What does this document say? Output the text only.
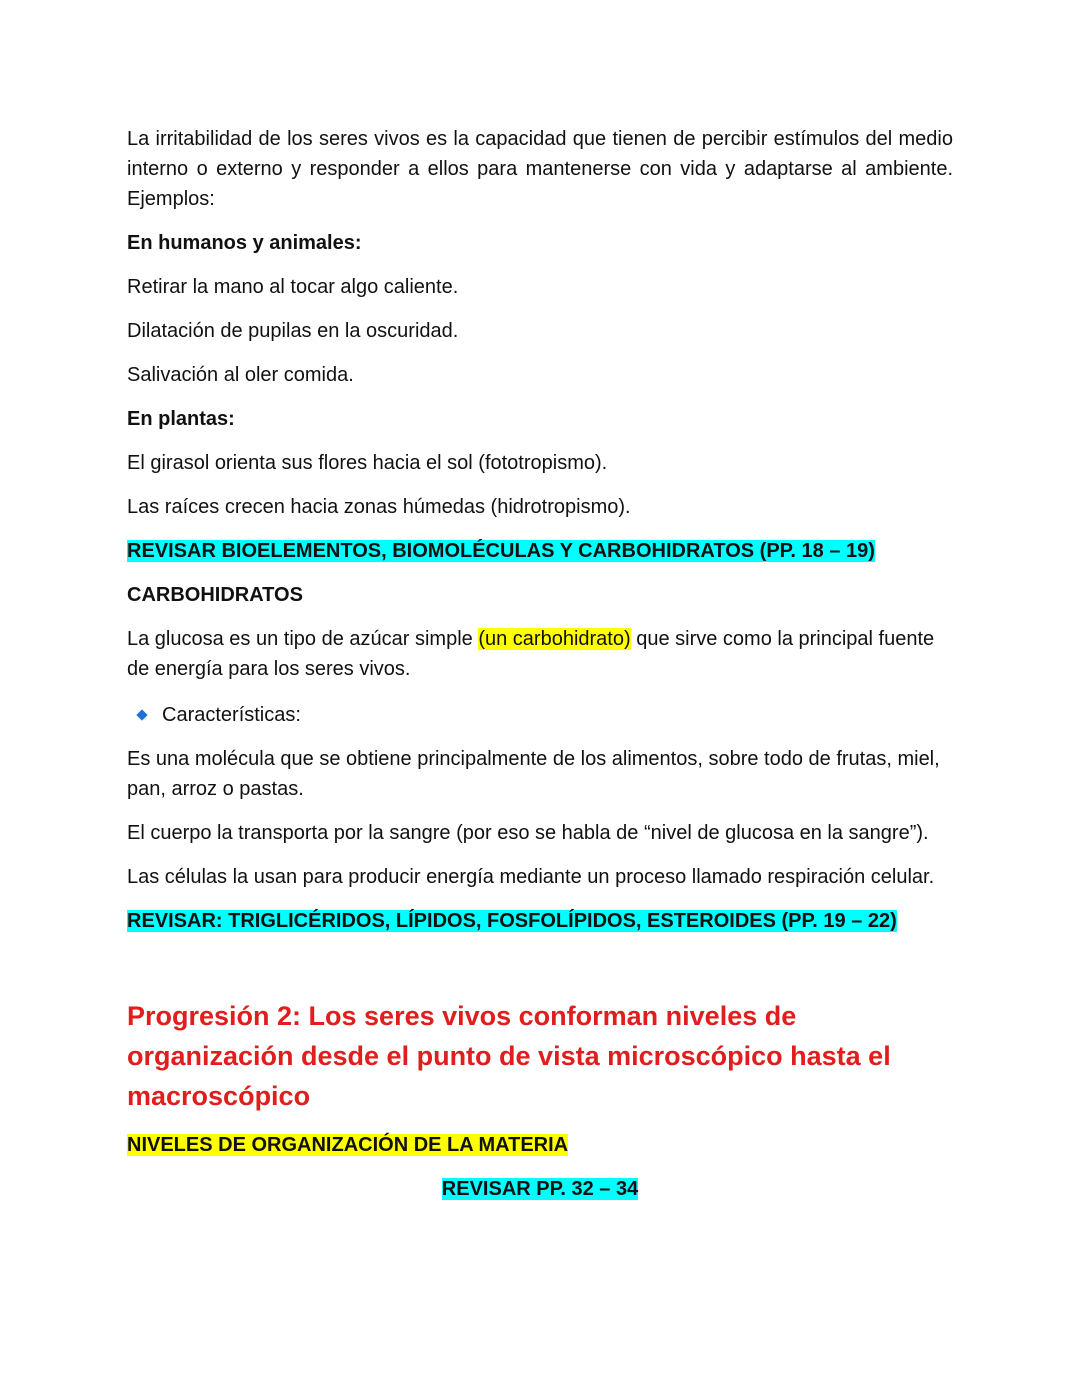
La irritabilidad de los seres vivos es la capacidad que tienen de percibir estímulos del medio interno o externo y responder a ellos para mantenerse con vida y adaptarse al ambiente. Ejemplos:

En humanos y animales:

Retirar la mano al tocar algo caliente.

Dilatación de pupilas en la oscuridad.

Salivación al oler comida.

En plantas:

El girasol orienta sus flores hacia el sol (fototropismo).

Las raíces crecen hacia zonas húmedas (hidrotropismo).

REVISAR BIOELEMENTOS, BIOMOLÉCULAS Y CARBOHIDRATOS (PP. 18 – 19)

CARBOHIDRATOS

La glucosa es un tipo de azúcar simple (un carbohidrato) que sirve como la principal fuente de energía para los seres vivos.

Características:

Es una molécula que se obtiene principalmente de los alimentos, sobre todo de frutas, miel, pan, arroz o pastas.

El cuerpo la transporta por la sangre (por eso se habla de “nivel de glucosa en la sangre”).

Las células la usan para producir energía mediante un proceso llamado respiración celular.

REVISAR: TRIGLICÉRIDOS, LÍPIDOS, FOSFOLÍPIDOS, ESTEROIDES (PP. 19 – 22)

Progresión 2: Los seres vivos conforman niveles de organización desde el punto de vista microscópico hasta el macroscópico

NIVELES DE ORGANIZACIÓN DE LA MATERIA

REVISAR PP. 32 – 34
